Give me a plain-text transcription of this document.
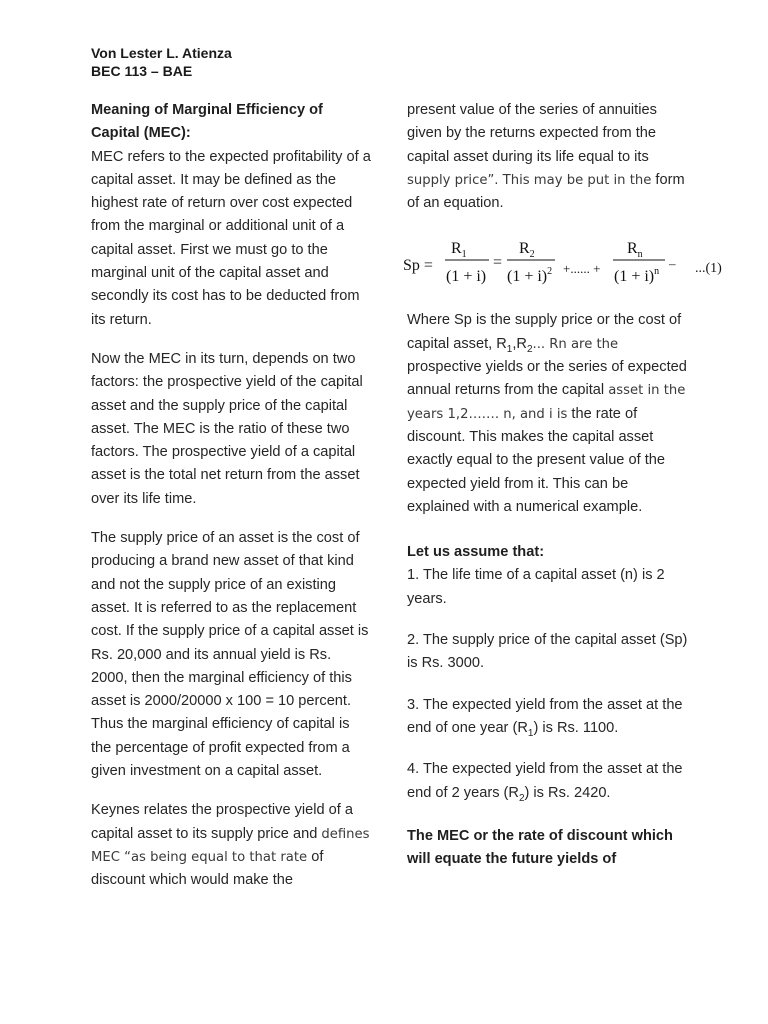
Von Lester L. Atienza
BEC 113 – BAE
Meaning of Marginal Efficiency of Capital (MEC):

MEC refers to the expected profitability of a capital asset. It may be defined as the highest rate of return over cost expected from the marginal or additional unit of a capital asset. First we must go to the marginal unit of the capital asset and secondly its cost has to be deducted from its return.

Now the MEC in its turn, depends on two factors: the prospective yield of the capital asset and the supply price of the capital asset. The MEC is the ratio of these two factors. The prospective yield of a capital asset is the total net return from the asset over its life time.

The supply price of an asset is the cost of producing a brand new asset of that kind and not the supply price of an existing asset. It is referred to as the replacement cost. If the supply price of a capital asset is Rs. 20,000 and its annual yield is Rs. 2000, then the marginal efficiency of this asset is 2000/20000 x 100 = 10 percent. Thus the marginal efficiency of capital is the percentage of profit expected from a given investment on a capital asset.

Keynes relates the prospective yield of a capital asset to its supply price and defines MEC “as being equal to that rate of discount which would make the

present value of the series of annuities given by the returns expected from the capital asset during its life equal to its supply price”. This may be put in the form of an equation.

Sp =
$R_1$
(1 + i)
=
$R_2$
$(1 + i)^2$ +...... +
$R_n$
$(1 + i)^n$
– ...(1)

Where Sp is the supply price or the cost of capital asset, $R_1,R_2$... Rn are the prospective yields or the series of expected annual returns from the capital asset in the years 1,2……. n, and i is the rate of discount. This makes the capital asset exactly equal to the present value of the expected yield from it. This can be explained with a numerical example.

Let us assume that:
1. The life time of a capital asset (n) is 2 years.
2. The supply price of the capital asset (Sp) is Rs. 3000.
3. The expected yield from the asset at the end of one year $(R_1)$ is Rs. 1100.
4. The expected yield from the asset at the end of 2 years $(R_2)$ is Rs. 2420.
The MEC or the rate of discount which will equate the future yields of
